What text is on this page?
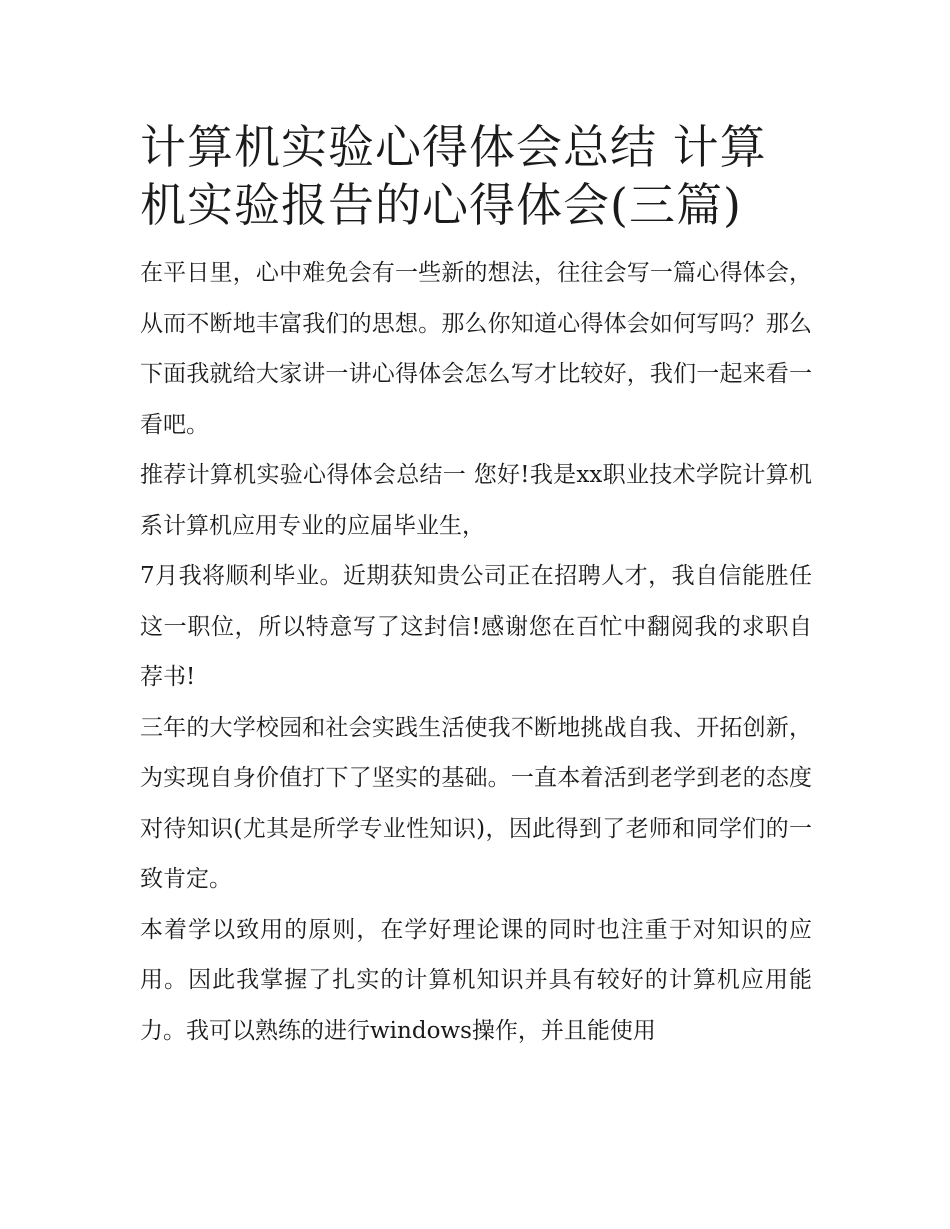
计算机实验心得体会总结 计算机实验报告的心得体会(三篇)

在平日里，心中难免会有一些新的想法，往往会写一篇心得体会，从而不断地丰富我们的思想。那么你知道心得体会如何写吗？那么下面我就给大家讲一讲心得体会怎么写才比较好，我们一起来看一看吧。

推荐计算机实验心得体会总结一 您好!我是xx职业技术学院计算机系计算机应用专业的应届毕业生，

7月我将顺利毕业。近期获知贵公司正在招聘人才，我自信能胜任这一职位，所以特意写了这封信!感谢您在百忙中翻阅我的求职自荐书!

三年的大学校园和社会实践生活使我不断地挑战自我、开拓创新，为实现自身价值打下了坚实的基础。一直本着活到老学到老的态度对待知识(尤其是所学专业性知识)，因此得到了老师和同学们的一致肯定。

本着学以致用的原则，在学好理论课的同时也注重于对知识的应用。因此我掌握了扎实的计算机知识并具有较好的计算机应用能力。我可以熟练的进行windows操作，并且能使用
